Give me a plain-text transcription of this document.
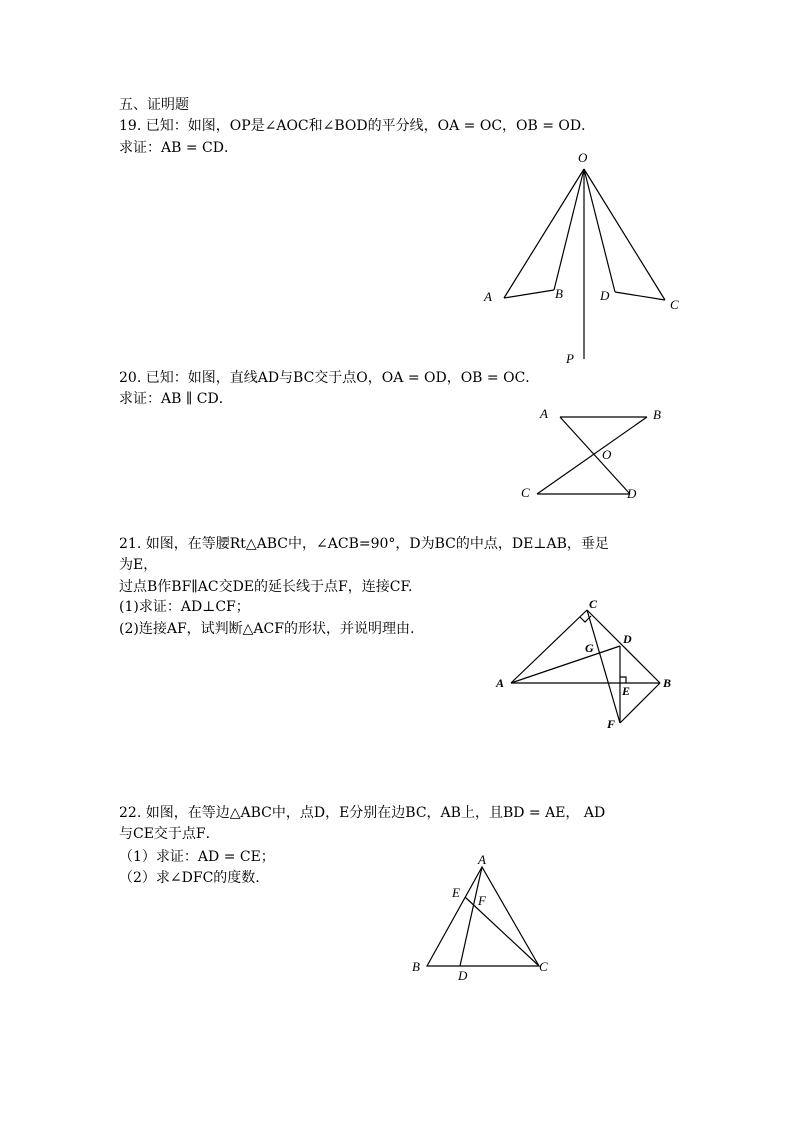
五、证明题
19. 已知：如图，OP是∠AOC和∠BOD的平分线，OA = OC，OB = OD．
求证：AB = CD．
O
A	B	D
C
P
20. 已知：如图，直线AD与BC交于点O，OA = OD，OB = OC．
求证：AB ∥ CD．
A	B
O
C	D
21. 如图，在等腰Rt△ABC中，∠ACB=90°，D为BC的中点，DE⊥AB，垂足
为E，
过点B作BF∥AC交DE的延长线于点F，连接CF.
(1)求证：AD⊥CF；
(2)连接AF，试判断△ACF的形状，并说明理由.
C
D
G
A
E
B
F
22. 如图，在等边△ABC中，点D，E分别在边BC，AB上，且BD = AE， AD
与CE交于点F．
（1）求证：AD = CE；
（2）求∠DFC的度数.
A
E
F
B
D
C
